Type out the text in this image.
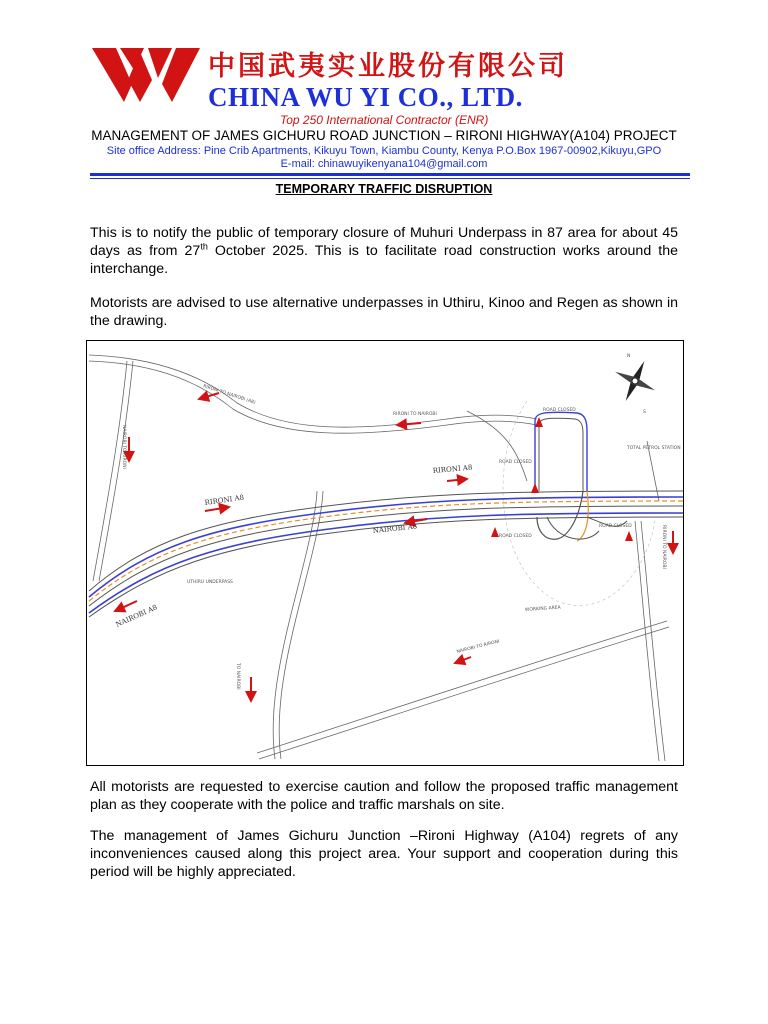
中国武夷实业股份有限公司
CHINA WU YI CO., LTD.
Top 250 International Contractor (ENR)
MANAGEMENT OF JAMES GICHURU ROAD JUNCTION – RIRONI HIGHWAY(A104) PROJECT
Site office Address: Pine Crib Apartments, Kikuyu Town, Kiambu County, Kenya P.O.Box 1967-00902,Kikuyu,GPO
E-mail: chinawuyikenyana104@gmail.com
TEMPORARY TRAFFIC DISRUPTION
This is to notify the public of temporary closure of Muhuri Underpass in 87 area for about 45 days as from 27th October 2025. This is to facilitate road construction works around the interchange.
Motorists are advised to use alternative underpasses in Uthiru, Kinoo and Regen as shown in the drawing.
N
S
RIRONI A8
RIRONI A8
NAIROBI A8
NAIROBI A8
UTHIRU UNDERPASS
WORKING AREA
RIRONI TO NAIROBI (A8)
RIRONI TO NAIROBI
NAIROBI TO RIRONI
NAIROBI TO RIRONI
TO NAIROBI
ROAD CLOSED
ROAD CLOSED
ROAD CLOSED
ROAD CLOSED
TOTAL PETROL STATION
RIRONI TO NAIROBI
All motorists are requested to exercise caution and follow the proposed traffic management plan as they cooperate with the police and traffic marshals on site.
The management of James Gichuru Junction –Rironi Highway (A104) regrets of any inconveniences caused along this project area. Your support and cooperation during this period will be highly appreciated.
